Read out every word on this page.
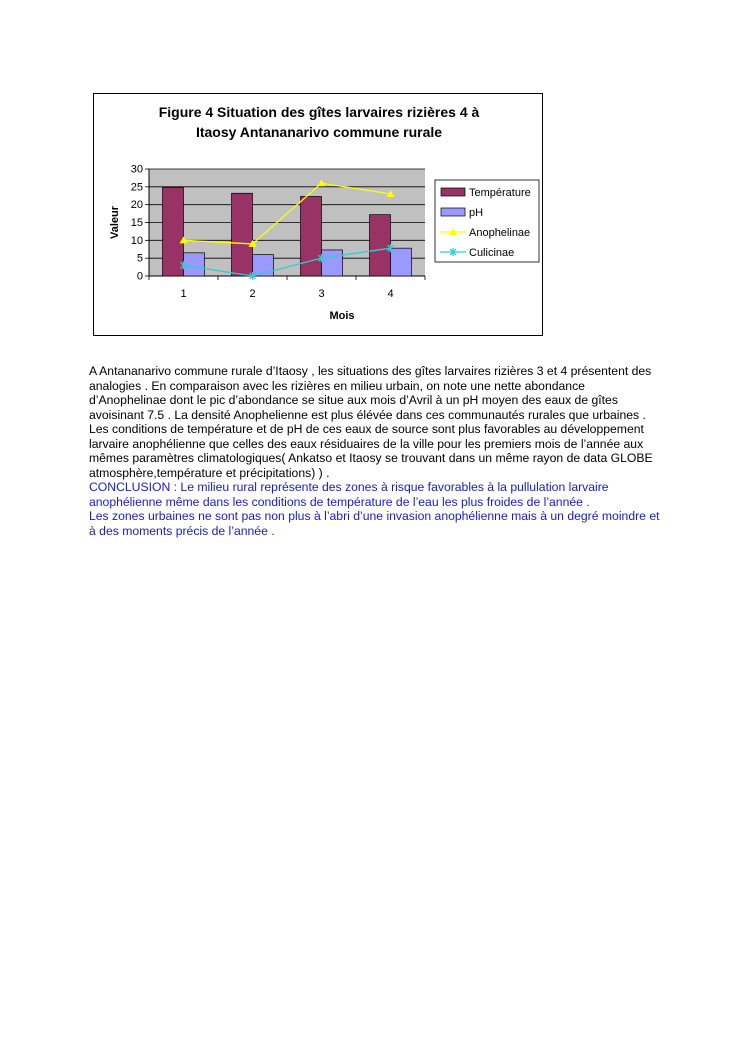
Figure 4 Situation des gîtes larvaires rizières 4 à
Itaosy Antananarivo commune rurale
0
5
10
15
20
25
30
1	2	3	4
Mois
Valeur
Température
pH
Anophelinae
Culicinae

A Antananarivo commune rurale d’Itaosy , les situations des gîtes larvaires rizières 3 et 4 présentent des analogies . En comparaison avec les rizières en milieu urbain, on note une nette abondance d’Anophelinae dont le pic d’abondance se situe aux mois d’Avril à un pH moyen des eaux de gîtes avoisinant 7.5 . La densité Anophelienne est plus élévée dans ces communautés rurales que urbaines .

Les conditions de température et de pH de ces eaux de source sont plus favorables au développement larvaire anophélienne que celles des eaux résiduaires de la ville pour les premiers mois de l’année aux mêmes paramètres climatologiques( Ankatso et Itaosy se trouvant dans un même rayon de data GLOBE atmosphère,température et précipitations) ) .

CONCLUSION : Le milieu rural représente des zones à risque favorables à la pullulation larvaire anophélienne même dans les conditions de température de l’eau les plus froides de l’année .

Les zones urbaines ne sont pas non plus à l’abri d’une invasion anophélienne mais à un degré moindre et à des moments précis de l’année .
